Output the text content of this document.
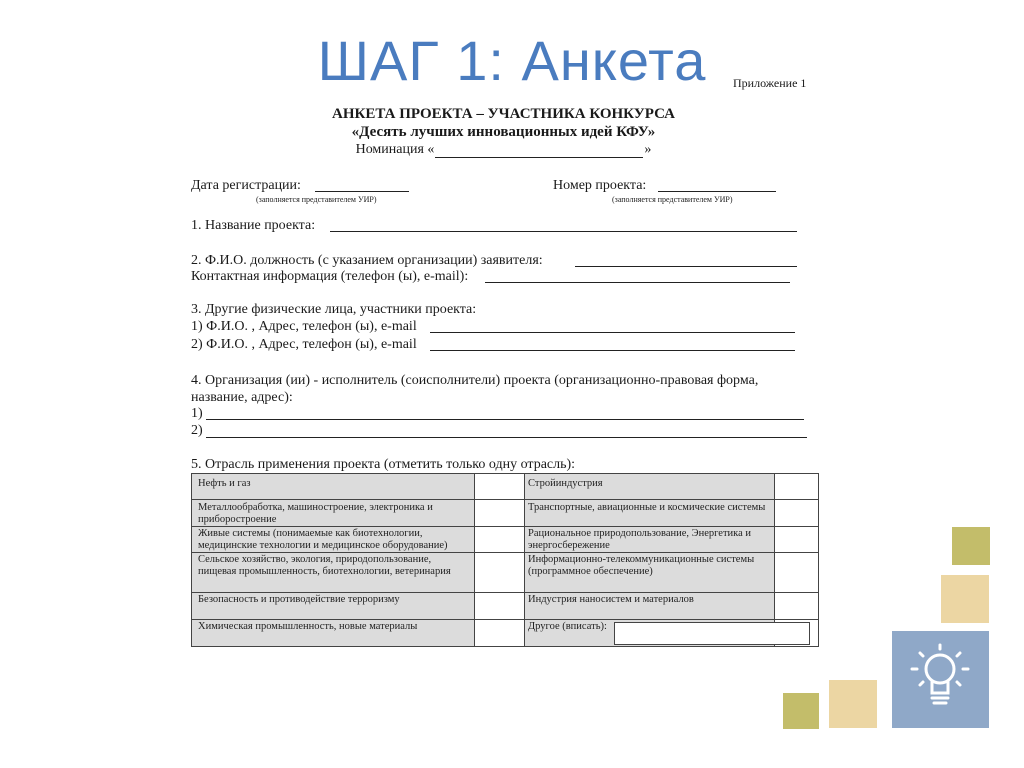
ШАГ 1: Анкета	Приложение 1
АНКЕТА ПРОЕКТА – УЧАСТНИКА КОНКУРСА
«Десять лучших инновационных идей КФУ»
Номинация «	»
Дата регистрации:
(заполняется представителем УИР)
Номер проекта:
(заполняется представителем УИР)
1. Название проекта:
2. Ф.И.О. должность (с указанием организации) заявителя:
Контактная информация (телефон (ы), e-mail):
3. Другие физические лица, участники проекта:
1) Ф.И.О. , Адрес, телефон (ы), e-mail
2) Ф.И.О. , Адрес, телефон (ы), e-mail
4. Организация (ии) - исполнитель (соисполнители) проекта (организационно-правовая форма,
название, адрес):
1)
2)
5. Отрасль применения проекта (отметить только одну отрасль):
Нефть и газ
Металлообработка, машиностроение, электроника и приборостроение
Живые системы (понимаемые как биотехнологии, медицинские технологии и медицинское оборудование)
Сельское хозяйство, экология, природопользование, пищевая промышленность, биотехнологии, ветеринария
Безопасность и противодействие терроризму
Химическая промышленность, новые материалы
Стройиндустрия
Транспортные, авиационные и космические системы
Рациональное природопользование, Энергетика и энергосбережение
Информационно-телекоммуникационные системы (программное обеспечение)
Индустрия наносистем и материалов
Другое (вписать):
